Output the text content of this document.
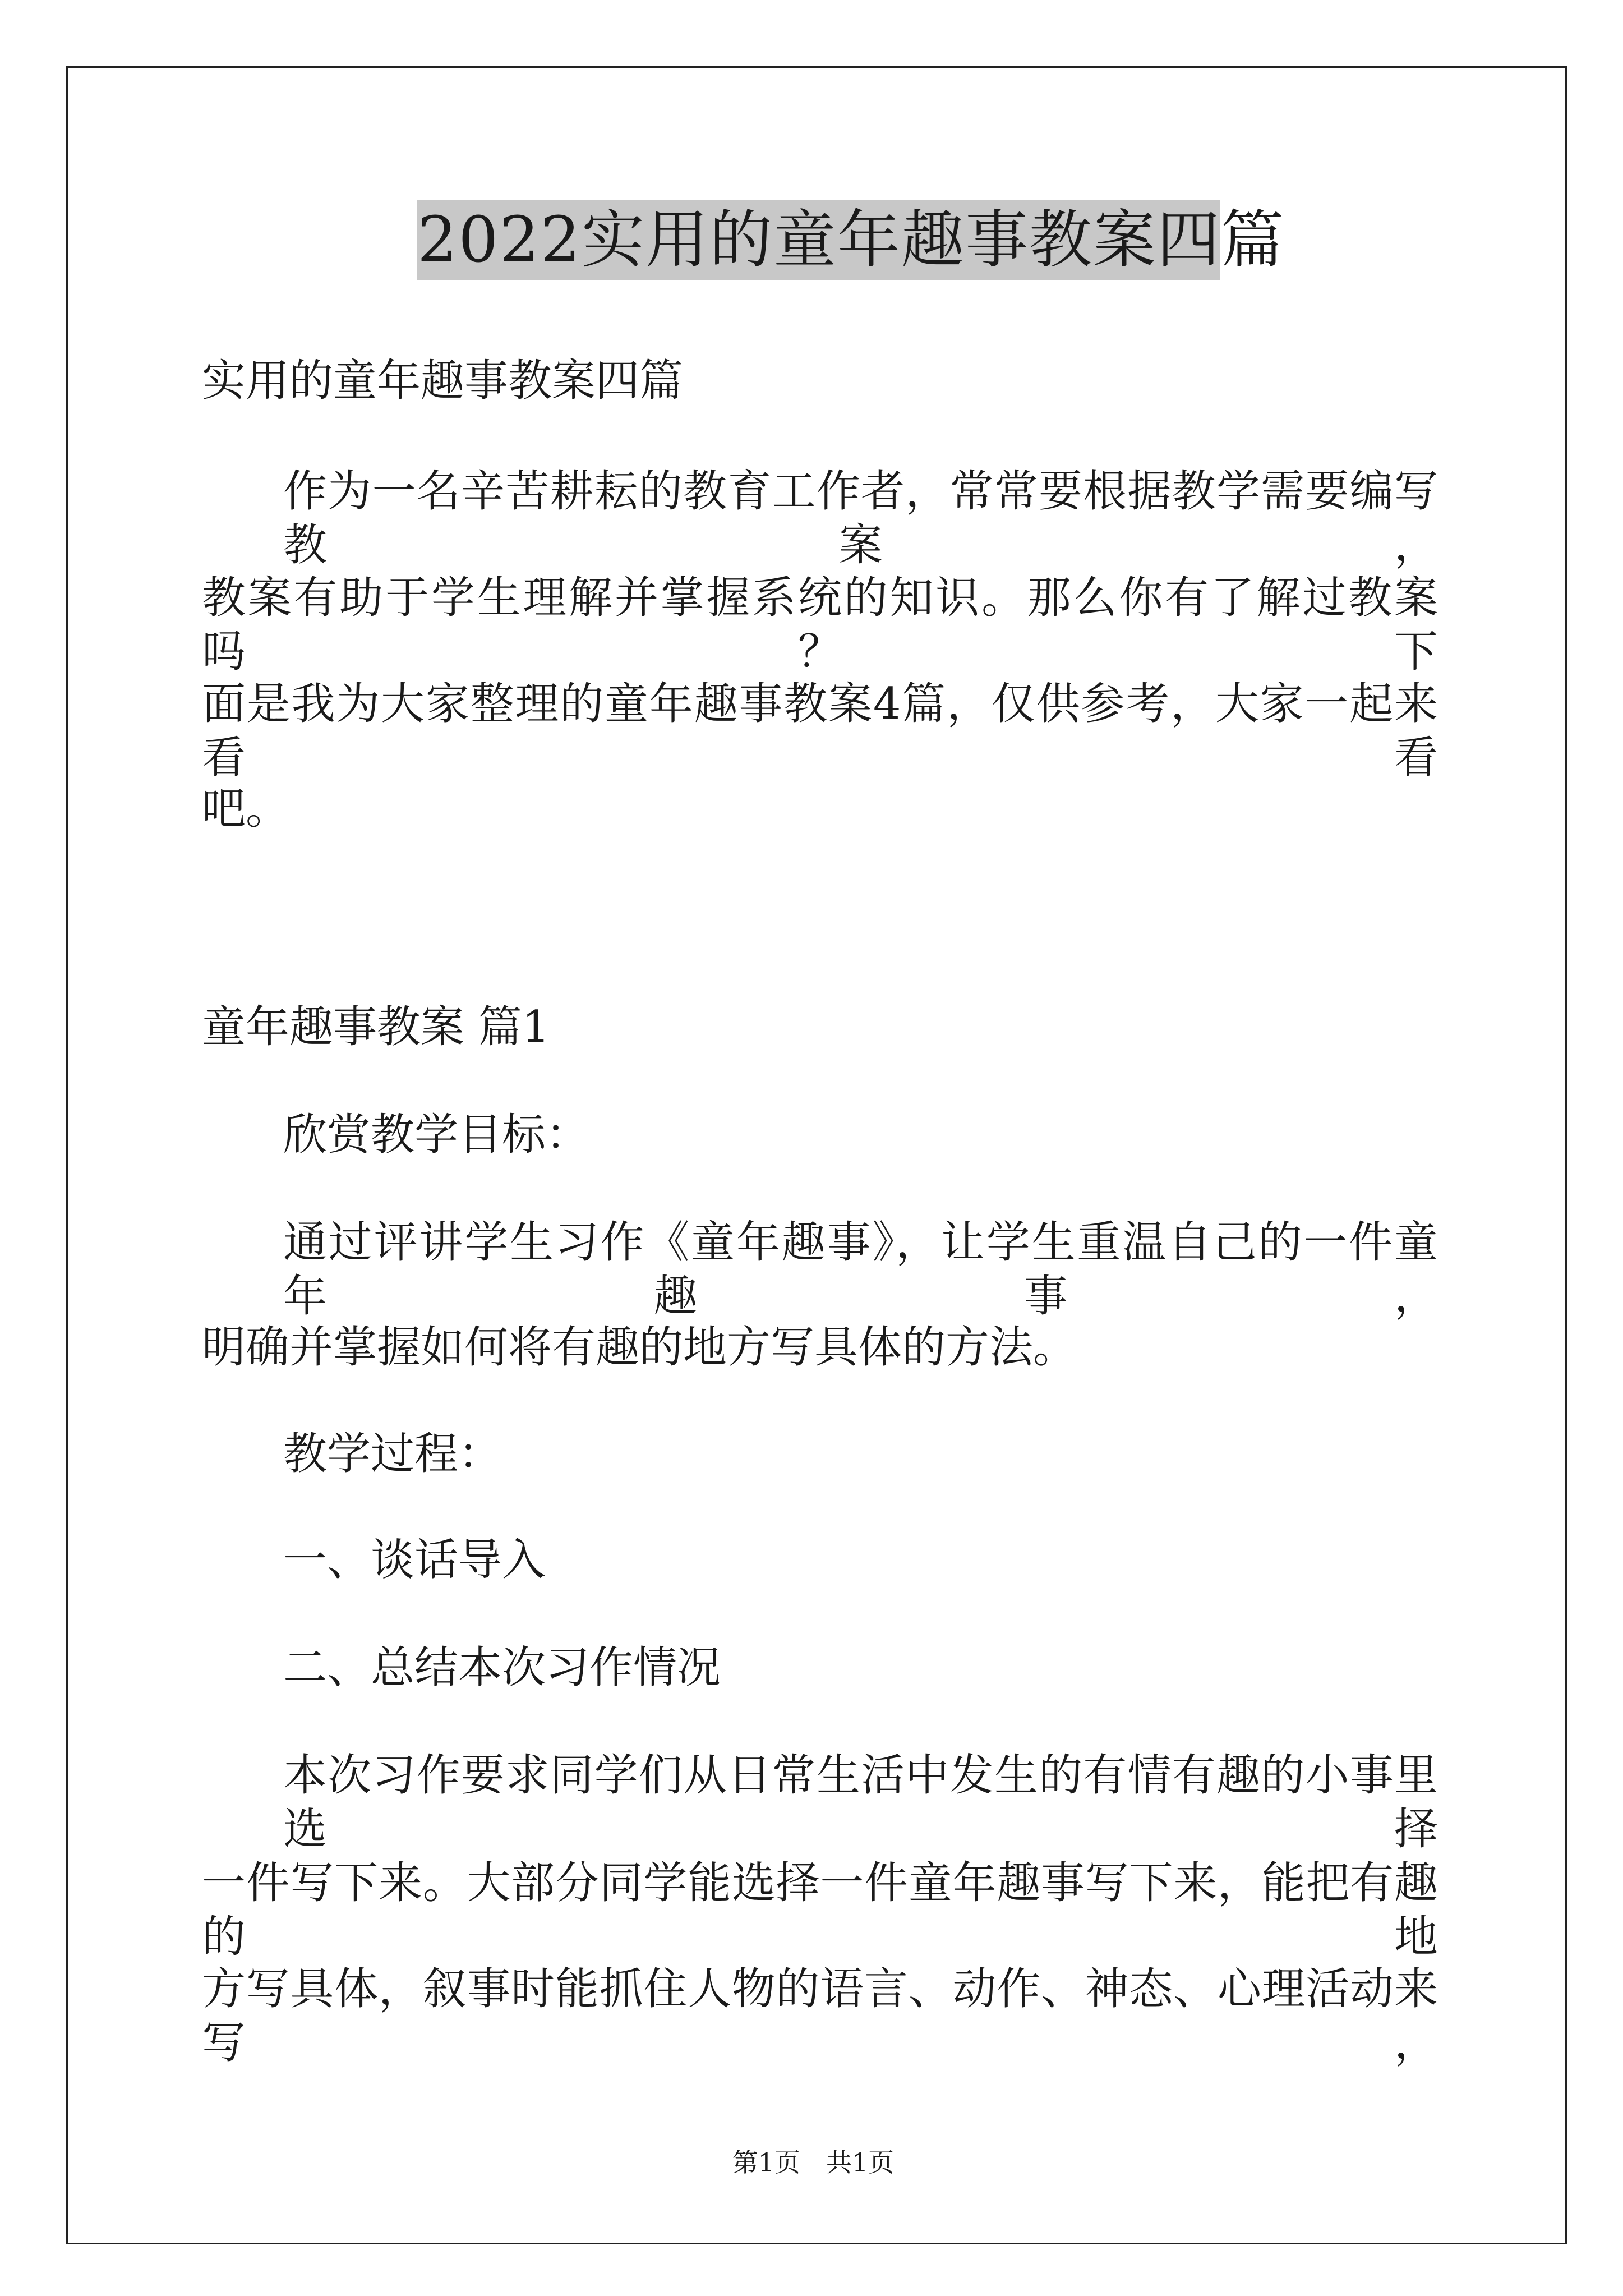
2022实用的童年趣事教案四篇
实用的童年趣事教案四篇
作为一名辛苦耕耘的教育工作者，常常要根据教学需要编写教案，
教案有助于学生理解并掌握系统的知识。那么你有了解过教案吗？下
面是我为大家整理的童年趣事教案4篇，仅供参考，大家一起来看看
吧。
童年趣事教案 篇1
欣赏教学目标：
通过评讲学生习作《童年趣事》，让学生重温自己的一件童年趣事，
明确并掌握如何将有趣的地方写具体的方法。
教学过程：
一、谈话导入
二、总结本次习作情况
本次习作要求同学们从日常生活中发生的有情有趣的小事里选择
一件写下来。大部分同学能选择一件童年趣事写下来，能把有趣的地
方写具体，叙事时能抓住人物的语言、动作、神态、心理活动来写，
第1页　共1页
